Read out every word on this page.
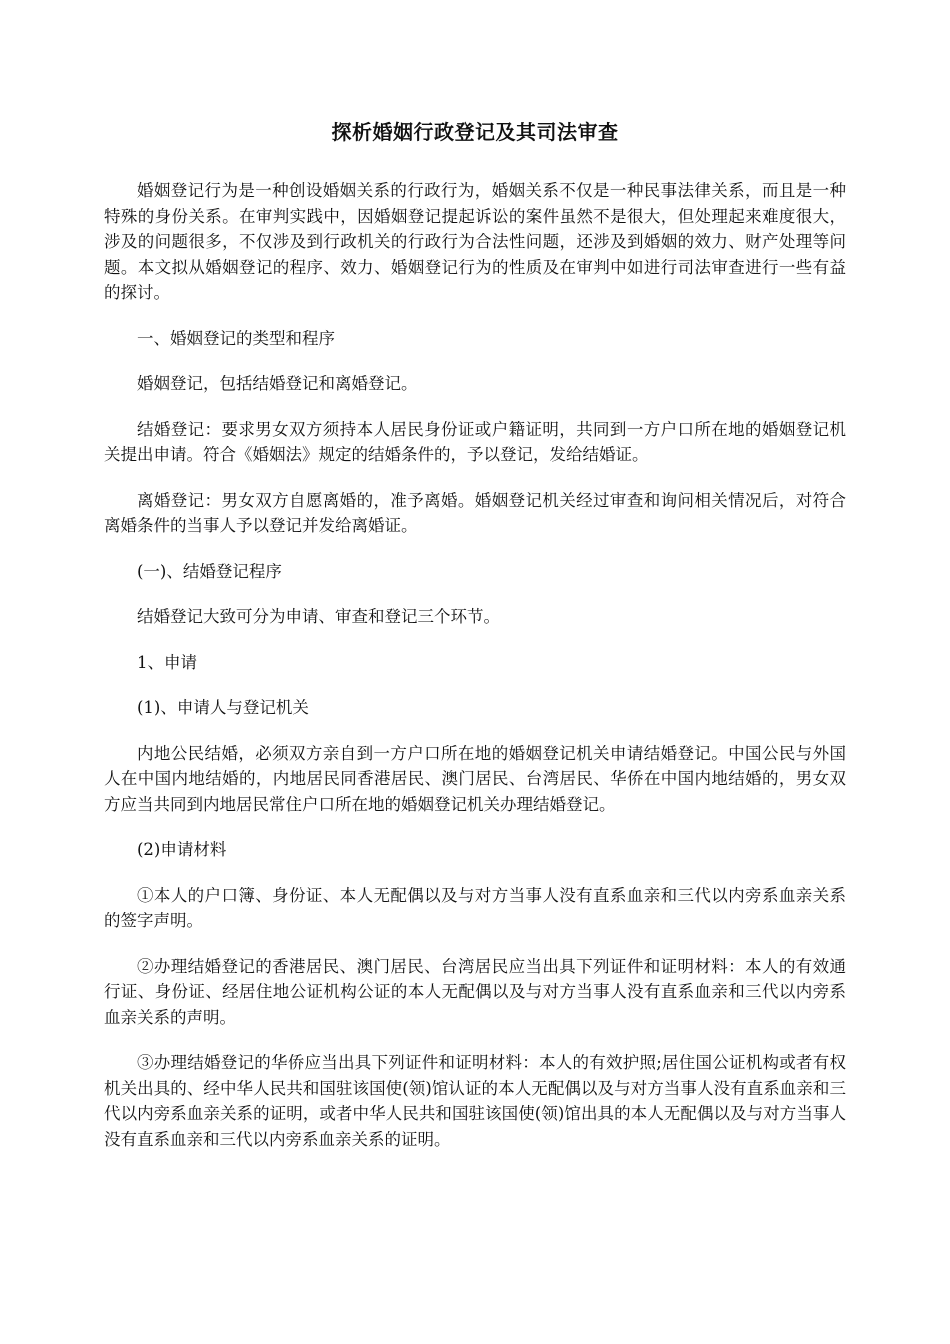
探析婚姻行政登记及其司法审查

婚姻登记行为是一种创设婚姻关系的行政行为，婚姻关系不仅是一种民事法律关系，而且是一种特殊的身份关系。在审判实践中，因婚姻登记提起诉讼的案件虽然不是很大，但处理起来难度很大，涉及的问题很多，不仅涉及到行政机关的行政行为合法性问题，还涉及到婚姻的效力、财产处理等问题。本文拟从婚姻登记的程序、效力、婚姻登记行为的性质及在审判中如进行司法审查进行一些有益的探讨。

一、婚姻登记的类型和程序

婚姻登记，包括结婚登记和离婚登记。

结婚登记：要求男女双方须持本人居民身份证或户籍证明，共同到一方户口所在地的婚姻登记机关提出申请。符合《婚姻法》规定的结婚条件的，予以登记，发给结婚证。

离婚登记：男女双方自愿离婚的，准予离婚。婚姻登记机关经过审查和询问相关情况后，对符合离婚条件的当事人予以登记并发给离婚证。

(一)、结婚登记程序

结婚登记大致可分为申请、审查和登记三个环节。

1、申请

(1)、申请人与登记机关

内地公民结婚，必须双方亲自到一方户口所在地的婚姻登记机关申请结婚登记。中国公民与外国人在中国内地结婚的，内地居民同香港居民、澳门居民、台湾居民、华侨在中国内地结婚的，男女双方应当共同到内地居民常住户口所在地的婚姻登记机关办理结婚登记。

(2)申请材料

①本人的户口簿、身份证、本人无配偶以及与对方当事人没有直系血亲和三代以内旁系血亲关系的签字声明。

②办理结婚登记的香港居民、澳门居民、台湾居民应当出具下列证件和证明材料：本人的有效通行证、身份证、经居住地公证机构公证的本人无配偶以及与对方当事人没有直系血亲和三代以内旁系血亲关系的声明。

③办理结婚登记的华侨应当出具下列证件和证明材料：本人的有效护照;居住国公证机构或者有权机关出具的、经中华人民共和国驻该国使(领)馆认证的本人无配偶以及与对方当事人没有直系血亲和三代以内旁系血亲关系的证明，或者中华人民共和国驻该国使(领)馆出具的本人无配偶以及与对方当事人没有直系血亲和三代以内旁系血亲关系的证明。
